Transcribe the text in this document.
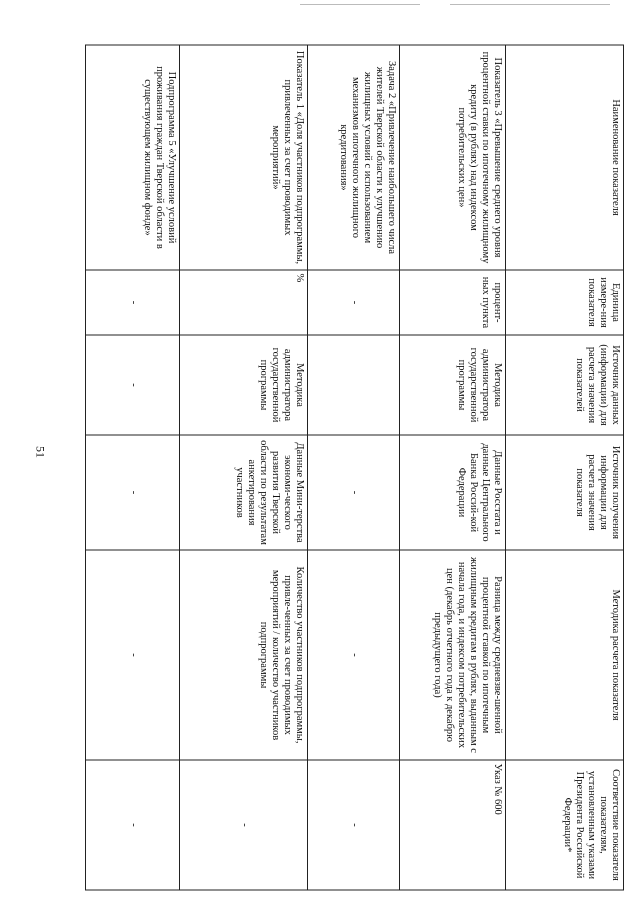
51
Наименование показателя	Единица измере-ния показателя	Источник данных (информации) для расчета значения показателей	Источник получения информации для расчета значения показателя	Методика расчета показателя	Соответствие показателя показателям, установленным указами Президента Российской Федерации*
Показатель 3 «Превышение среднего уровня процентной ставки по ипотечному жилищному кредиту (в рублях) над индексом потребительских цен»	процент-ных пункта	Методика администратора государственной программы	Данные Росстата и данные Центрального Банка Россий-кой Федерации	Разница между средневзве-шенной процентной ставкой по ипотечным жилищным кредитам в рублях, выданным с начала года, и индексом потребительских цен (декабрь отчетного года к декабрю предыдущего года)	Указ № 600
Задача 2 «Привлечение наибольшего числа жителей Тверской области к улучшению жилищных условий с использованием механизмов ипотечного жилищного кредитования»	-		-	-	-
Показатель 1 «Доля участников подпрограммы, привлеченных за счет проводимых мероприятий»	%	Методика администратора государственной программы	Данные Мини-терства экономи-ческого развития Тверской области по результатам анкетирования участников	Количество участников подпрограммы, привле-ченных за счет проводимых мероприятий / количество участников подпрограммы	-
Подпрограмма 5 «Улучшение условий проживания граждан Тверской области в существующем жилищном фонде»	-	-	-	-	-
